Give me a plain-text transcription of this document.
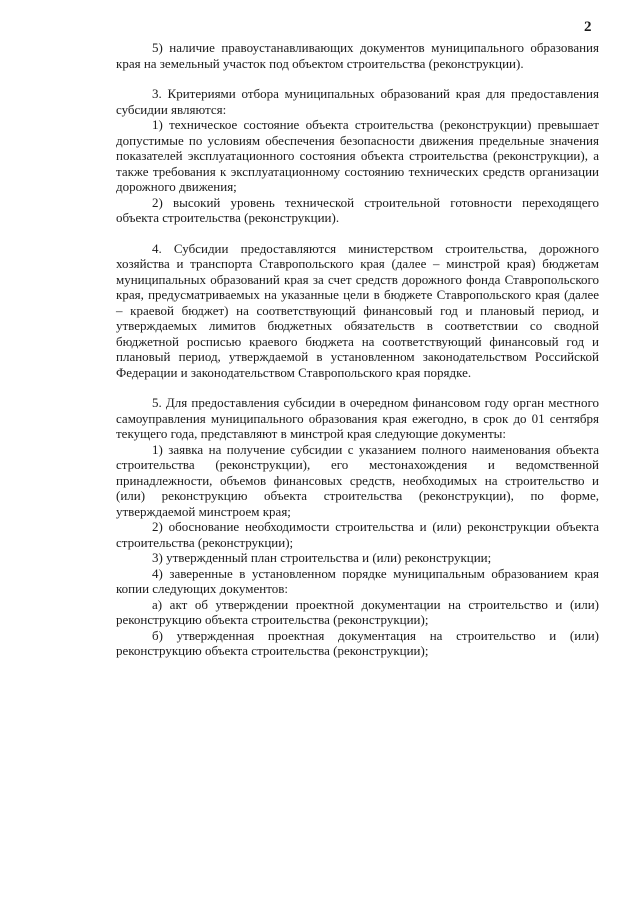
2

5) наличие правоустанавливающих документов муниципального образования края на земельный участок под объектом строительства (реконструкции).

3. Критериями отбора муниципальных образований края для предоставления субсидии являются:

1) техническое состояние объекта строительства (реконструкции) превышает допустимые по условиям обеспечения безопасности движения предельные значения показателей эксплуатационного состояния объекта строительства (реконструкции), а также требования к эксплуатационному состоянию технических средств организации дорожного движения;

2) высокий уровень технической строительной готовности переходящего объекта строительства (реконструкции).

4. Субсидии предоставляются министерством строительства, дорожного хозяйства и транспорта Ставропольского края (далее – минстрой края) бюджетам муниципальных образований края за счет средств дорожного фонда Ставропольского края, предусматриваемых на указанные цели в бюджете Ставропольского края (далее – краевой бюджет) на соответствующий финансовый год и плановый период, и утверждаемых лимитов бюджетных обязательств в соответствии со сводной бюджетной росписью краевого бюджета на соответствующий финансовый год и плановый период, утверждаемой в установленном законодательством Российской Федерации и законодательством Ставропольского края порядке.

5. Для предоставления субсидии в очередном финансовом году орган местного самоуправления муниципального образования края ежегодно, в срок до 01 сентября текущего года, представляют в минстрой края следующие документы:

1) заявка на получение субсидии с указанием полного наименования объекта строительства (реконструкции), его местонахождения и ведомственной принадлежности, объемов финансовых средств, необходимых на строительство и (или) реконструкцию объекта строительства (реконструкции), по форме, утверждаемой минстроем края;

2) обоснование необходимости строительства и (или) реконструкции объекта строительства (реконструкции);

3) утвержденный план строительства и (или) реконструкции;

4) заверенные в установленном порядке муниципальным образованием края копии следующих документов:

а) акт об утверждении проектной документации на строительство и (или) реконструкцию объекта строительства (реконструкции);

б) утвержденная проектная документация на строительство и (или) реконструкцию объекта строительства (реконструкции);
